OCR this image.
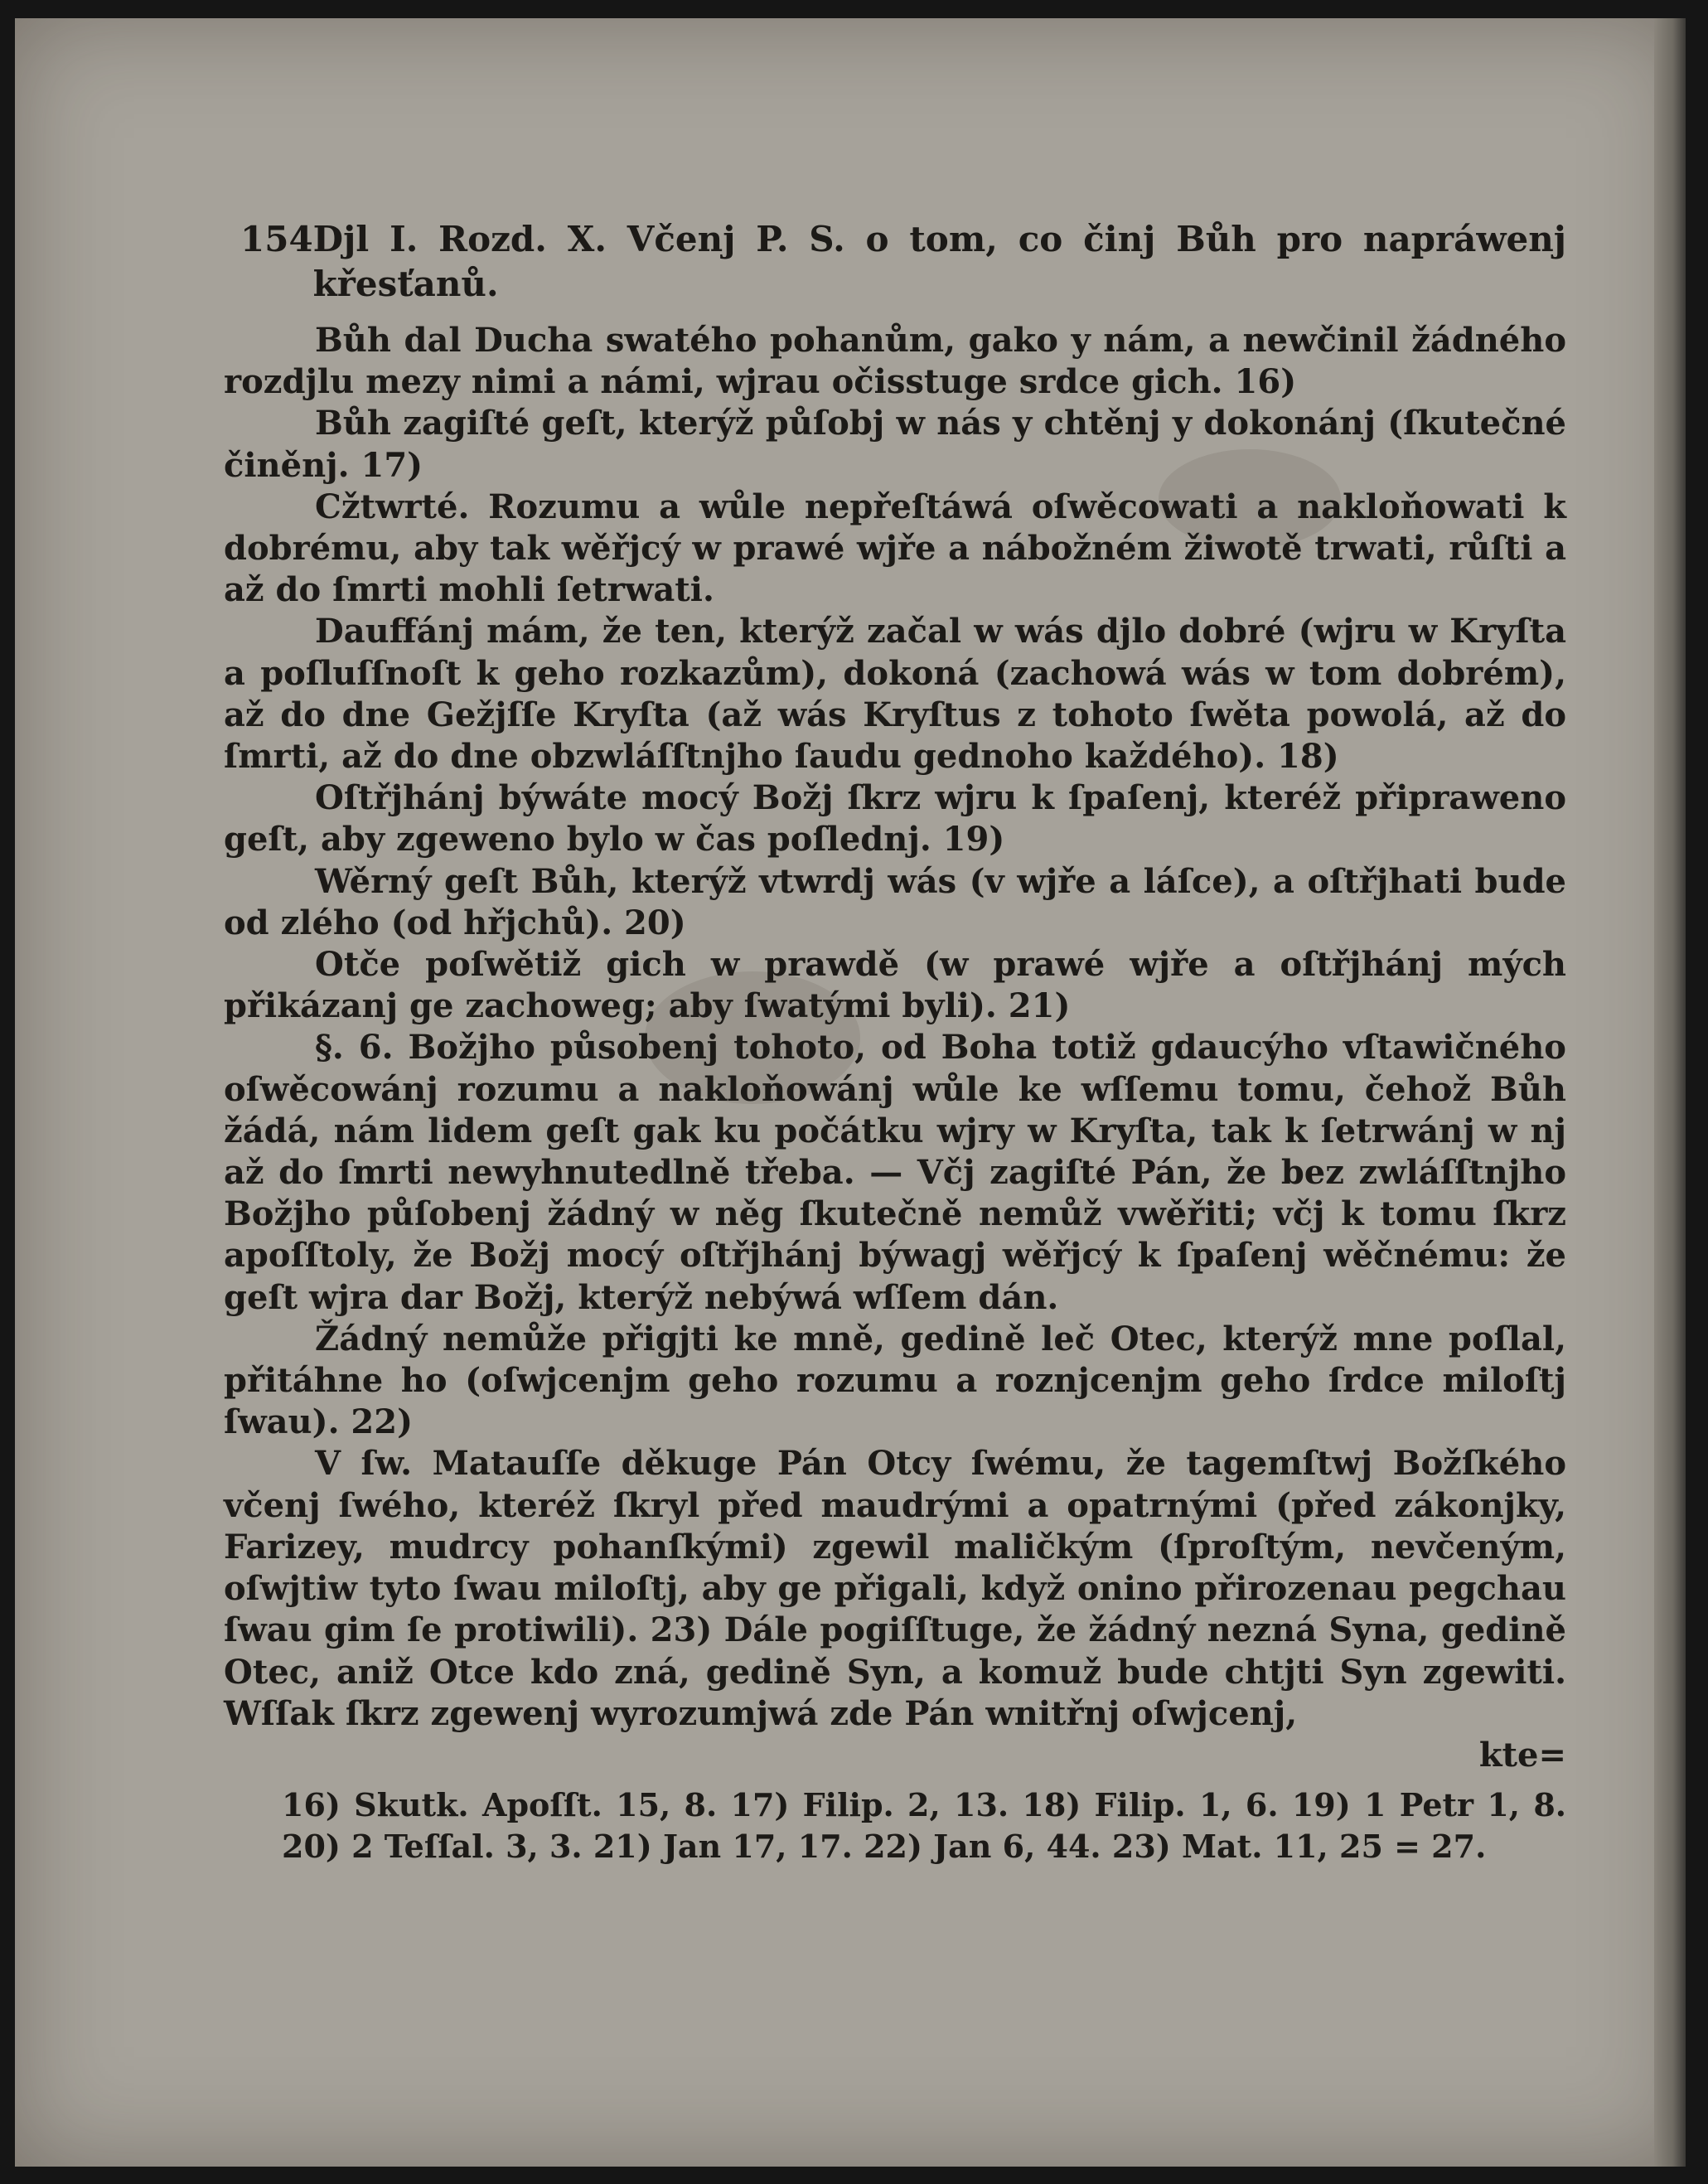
154 Djl I. Rozd. X. Včenj P. S. o tom, co činj Bůh pro napráwenj křesťanů.

Bůh dal Ducha swatého pohanům, gako y nám, a newčinil žádného rozdjlu mezy nimi a námi, wjrau očisstuge srdce gich. 16)

Bůh zagiſté geſt, kterýž půſobj w nás y chtěnj y dokonánj (ſkutečné činěnj. 17)

Cžtwrté. Rozumu a wůle nepřeſtáwá oſwěcowati a nakloňowati k dobrému, aby tak wěřjcý w prawé wjře a nábožném žiwotě trwati, růſti a až do ſmrti mohli ſetrwati.

Dauffánj mám, že ten, kterýž začal w wás djlo dobré (wjru w Kryſta a poſluſſnoſt k geho rozkazům), dokoná (zachowá wás w tom dobrém), až do dne Gežjſſe Kryſta (až wás Kryſtus z tohoto ſwěta powolá, až do ſmrti, až do dne obzwláſſtnjho ſaudu gednoho každého). 18)

Oſtřjhánj býwáte mocý Božj ſkrz wjru k ſpaſenj, kteréž připraweno geſt, aby zgeweno bylo w čas poſlednj. 19)

Wěrný geſt Bůh, kterýž vtwrdj wás (v wjře a láſce), a oſtřjhati bude od zlého (od hřjchů). 20)

Otče poſwětiž gich w prawdě (w prawé wjře a oſtřjhánj mých přikázanj ge zachoweg; aby ſwatými byli). 21)

§. 6. Božjho působenj tohoto, od Boha totiž gdaucýho vſtawičného oſwěcowánj rozumu a nakloňowánj wůle ke wſſemu tomu, čehož Bůh žádá, nám lidem geſt gak ku počátku wjry w Kryſta, tak k ſetrwánj w nj až do ſmrti newyhnutedlně třeba. — Včj zagiſté Pán, že bez zwláſſtnjho Božjho půſobenj žádný w něg ſkutečně nemůž vwěřiti; včj k tomu ſkrz apoſſtoly, že Božj mocý oſtřjhánj býwagj wěřjcý k ſpaſenj wěčnému: že geſt wjra dar Božj, kterýž nebýwá wſſem dán.

Žádný nemůže přigjti ke mně, gedině leč Otec, kterýž mne poſlal, přitáhne ho (oſwjcenjm geho rozumu a roznjcenjm geho ſrdce miloſtj ſwau). 22)

V ſw. Matauſſe děkuge Pán Otcy ſwému, že tagemſtwj Božſkého včenj ſwého, kteréž ſkryl před maudrými a opatrnými (před zákonjky, Farizey, mudrcy pohanſkými) zgewil maličkým (ſproſtým, nevčeným, oſwjtiw tyto ſwau miloſtj, aby ge přigali, když onino přirozenau pegchau ſwau gim ſe protiwili). 23) Dále pogiſſtuge, že žádný nezná Syna, gedině Otec, aniž Otce kdo zná, gedině Syn, a komuž bude chtjti Syn zgewiti. Wſſak ſkrz zgewenj wyrozumjwá zde Pán wnitřnj oſwjcenj,

kte=

16) Skutk. Apoſſt. 15, 8. 17) Filip. 2, 13. 18) Filip. 1, 6. 19) 1 Petr 1, 8. 20) 2 Teſſal. 3, 3. 21) Jan 17, 17. 22) Jan 6, 44. 23) Mat. 11, 25 = 27.
